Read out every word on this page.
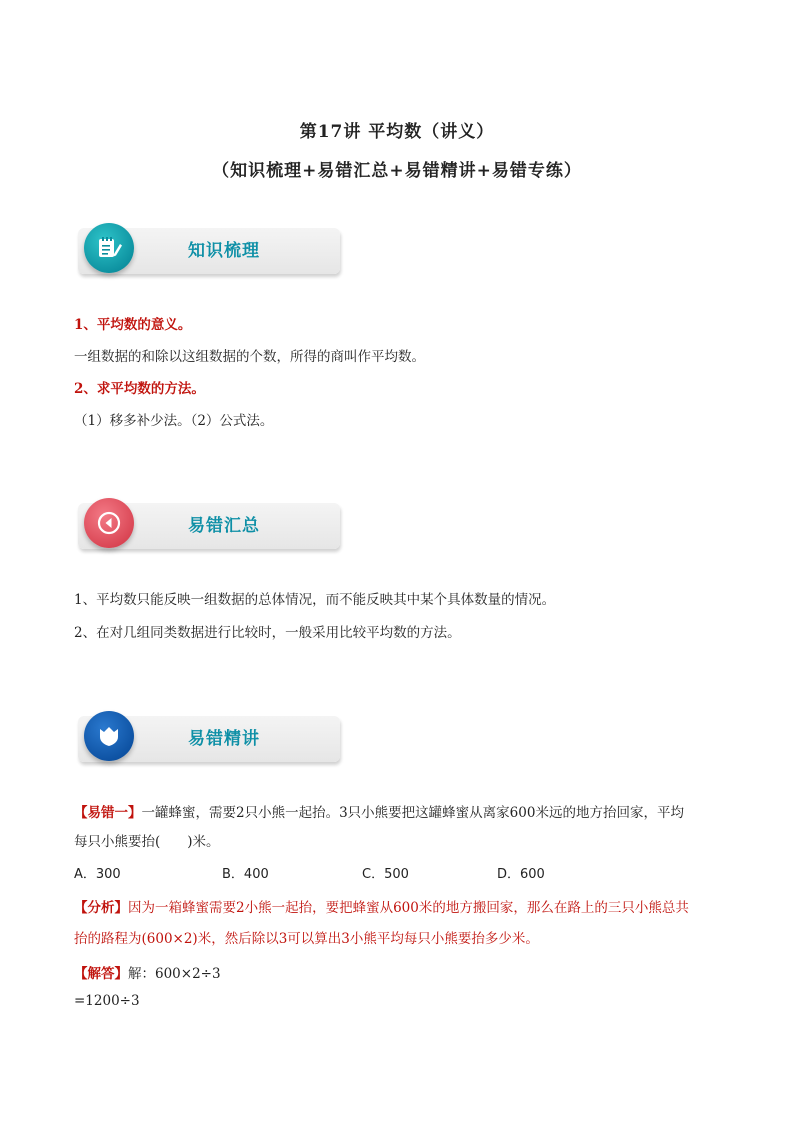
第17讲 平均数（讲义）
（知识梳理+易错汇总+易错精讲+易错专练）
知识梳理
1、平均数的意义。
一组数据的和除以这组数据的个数，所得的商叫作平均数。
2、求平均数的方法。
（1）移多补少法。（2）公式法。
易错汇总
1、平均数只能反映一组数据的总体情况，而不能反映其中某个具体数量的情况。
2、在对几组同类数据进行比较时，一般采用比较平均数的方法。
易错精讲
【易错一】一罐蜂蜜，需要2只小熊一起抬。3只小熊要把这罐蜂蜜从离家600米远的地方抬回家，平均
每只小熊要抬(　　)米。
A．300	B．400	C．500	D．600
【分析】因为一箱蜂蜜需要2小熊一起抬，要把蜂蜜从600米的地方搬回家，那么在路上的三只小熊总共
抬的路程为(600×2)米，然后除以3可以算出3小熊平均每只小熊要抬多少米。
【解答】解：600×2÷3
=1200÷3
